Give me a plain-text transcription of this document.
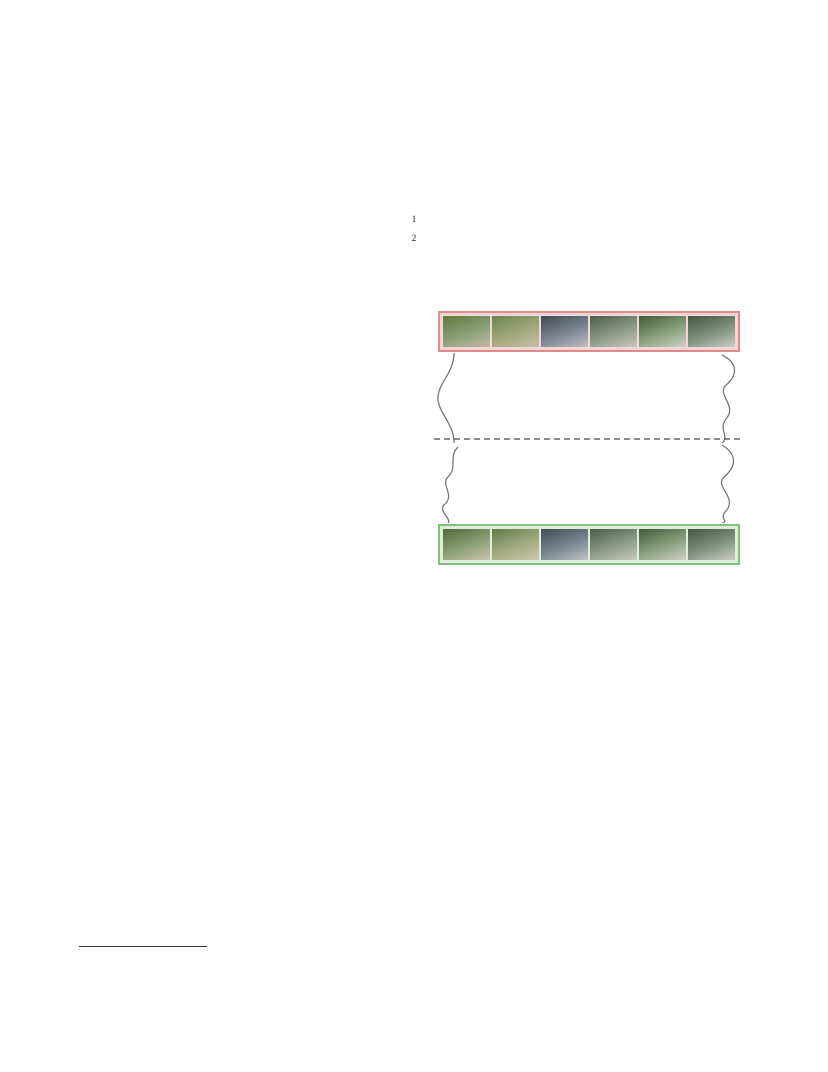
$^1$
$^2$
